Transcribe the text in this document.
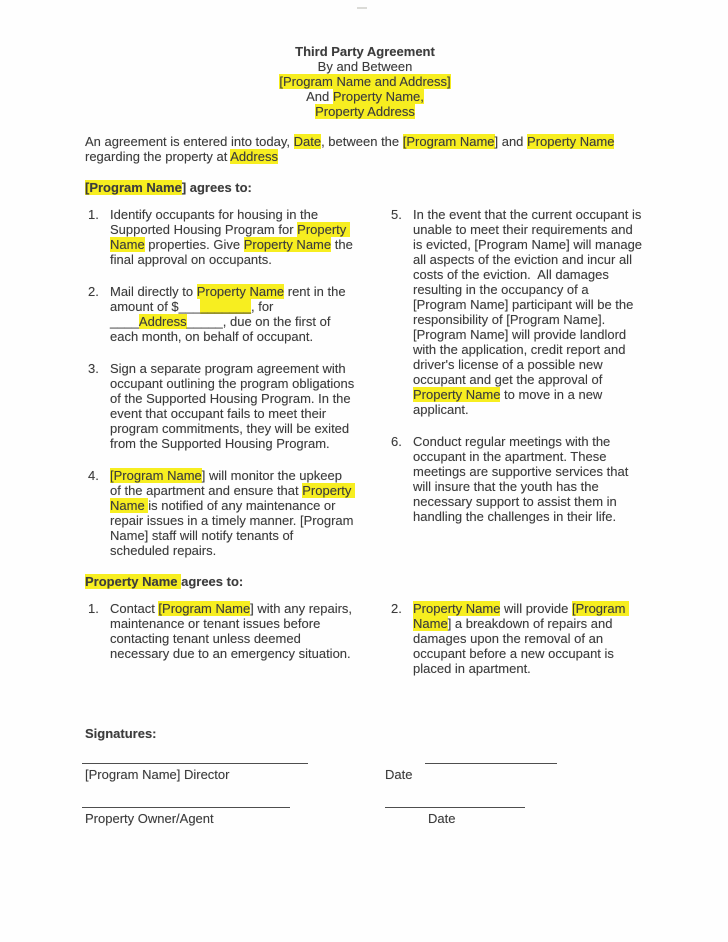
Third Party Agreement
By and Between
[Program Name and Address]
And Property Name,
Property Address

An agreement is entered into today, Date, between the [Program Name] and Property Name regarding the property at Address

[Program Name] agrees to:
1. Identify occupants for housing in the Supported Housing Program for Property Name properties. Give Property Name the final approval on occupants.
2. Mail directly to Property Name rent in the amount of $__________, for ____Address_____, due on the first of each month, on behalf of occupant.
3. Sign a separate program agreement with occupant outlining the program obligations of the Supported Housing Program. In the event that occupant fails to meet their program commitments, they will be exited from the Supported Housing Program.
4. [Program Name] will monitor the upkeep of the apartment and ensure that Property Name is notified of any maintenance or repair issues in a timely manner. [Program Name] staff will notify tenants of scheduled repairs.
5. In the event that the current occupant is unable to meet their requirements and is evicted, [Program Name] will manage all aspects of the eviction and incur all costs of the eviction.  All damages resulting in the occupancy of a [Program Name] participant will be the responsibility of [Program Name]. [Program Name] will provide landlord with the application, credit report and driver's license of a possible new occupant and get the approval of Property Name to move in a new applicant.
6. Conduct regular meetings with the occupant in the apartment. These meetings are supportive services that will insure that the youth has the necessary support to assist them in handling the challenges in their life.
Property Name agrees to:
1. Contact [Program Name] with any repairs, maintenance or tenant issues before contacting tenant unless deemed necessary due to an emergency situation.
2. Property Name will provide [Program Name] a breakdown of repairs and damages upon the removal of an occupant before a new occupant is placed in apartment.
Signatures:
[Program Name] Director	Date
Property Owner/Agent	Date
